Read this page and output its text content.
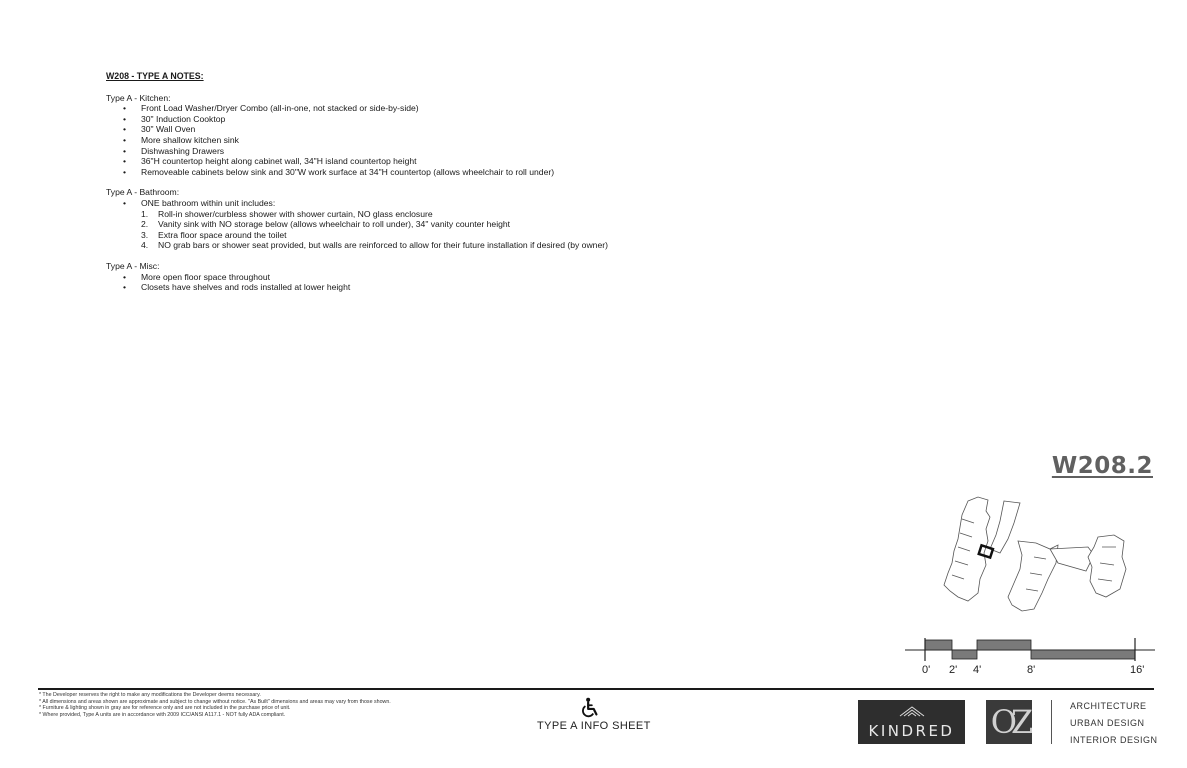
W208 - TYPE A NOTES:
Type A - Kitchen:
• Front Load Washer/Dryer Combo (all-in-one, not stacked or side-by-side)
• 30" Induction Cooktop
• 30" Wall Oven
• More shallow kitchen sink
• Dishwashing Drawers
• 36"H countertop height along cabinet wall, 34"H island countertop height
• Removeable cabinets below sink and 30"W work surface at 34"H countertop (allows wheelchair to roll under)
Type A - Bathroom:
• ONE bathroom within unit includes:
1. Roll-in shower/curbless shower with shower curtain, NO glass enclosure
2. Vanity sink with NO storage below (allows wheelchair to roll under), 34" vanity counter height
3. Extra floor space around the toilet
4. NO grab bars or shower seat provided, but walls are reinforced to allow for their future installation if desired (by owner)
Type A - Misc:
• More open floor space throughout
• Closets have shelves and rods installed at lower height
W208.2
0' 2' 4'	8'	16'
* The Developer reserves the right to make any modifications the Developer deems necessary.
* All dimensions and areas shown are approximate and subject to change without notice. "As Built" dimensions and areas may vary from those shown.
* Furniture & lighting shown in gray are for reference only and are not included in the purchase price of unit.
* Where provided, Type A units are in accordance with 2009 ICC/ANSI A117.1 - NOT fully ADA compliant.
TYPE A INFO SHEET	KINDRED	OZ	ARCHITECTURE
URBAN DESIGN
INTERIOR DESIGN
